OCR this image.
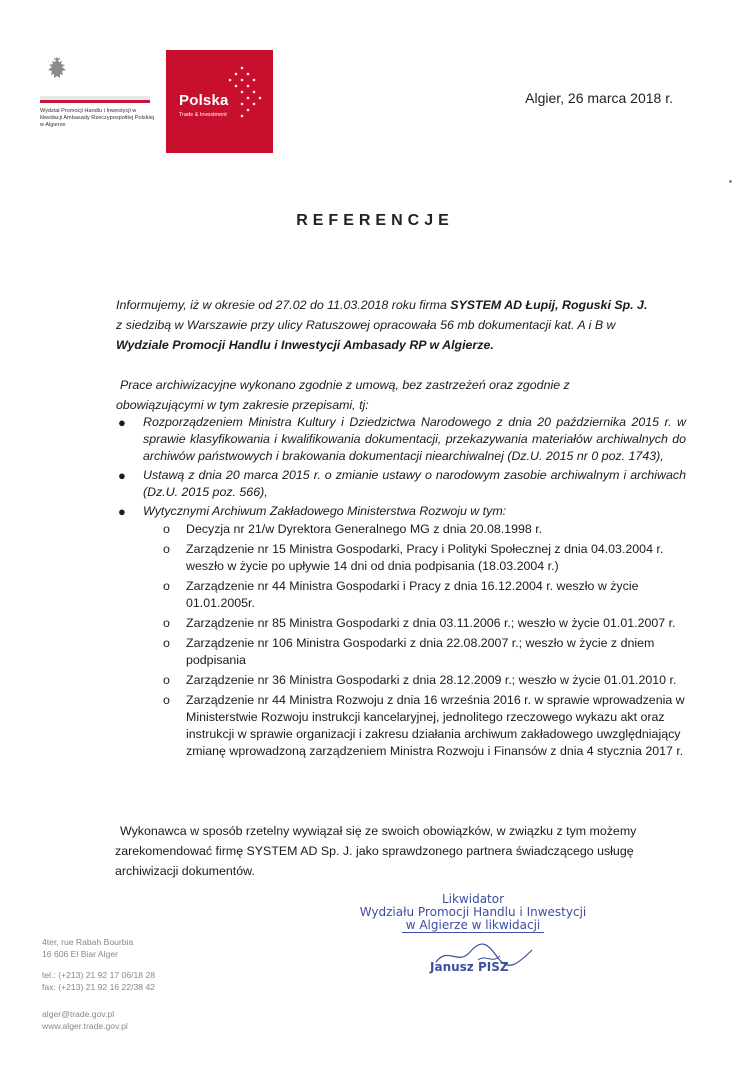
Wydział Promocji Handlu i Inwestycji w likwidacji Ambasady Rzeczypospolitej Polskiej w Algierze
Polska
Trade & Investment
Algier, 26 marca 2018 r.
REFERENCJE
Informujemy, iż w okresie od 27.02 do 11.03.2018 roku firma SYSTEM AD Łupij, Roguski Sp. J. z siedzibą w Warszawie przy ulicy Ratuszowej opracowała 56 mb dokumentacji kat. A i B w Wydziale Promocji Handlu i Inwestycji Ambasady RP w Algierze.
Prace archiwizacyjne wykonano zgodnie z umową, bez zastrzeżeń oraz zgodnie z obowiązującymi w tym zakresie przepisami, tj:
● Rozporządzeniem Ministra Kultury i Dziedzictwa Narodowego z dnia 20 października 2015 r. w sprawie klasyfikowania i kwalifikowania dokumentacji, przekazywania materiałów archiwalnych do archiwów państwowych i brakowania dokumentacji niearchiwalnej (Dz.U. 2015 nr 0 poz. 1743),
● Ustawą z dnia 20 marca 2015 r. o zmianie ustawy o narodowym zasobie archiwalnym i archiwach (Dz.U. 2015 poz. 566),
● Wytycznymi Archiwum Zakładowego Ministerstwa Rozwoju w tym:
o Decyzja nr 21/w Dyrektora Generalnego MG z dnia 20.08.1998 r.
o Zarządzenie nr 15 Ministra Gospodarki, Pracy i Polityki Społecznej z dnia 04.03.2004 r. weszło w życie po upływie 14 dni od dnia podpisania (18.03.2004 r.)
o Zarządzenie nr 44 Ministra Gospodarki i Pracy z dnia 16.12.2004 r. weszło w życie 01.01.2005r.
o Zarządzenie nr 85 Ministra Gospodarki z dnia 03.11.2006 r.; weszło w życie 01.01.2007 r.
o Zarządzenie nr 106 Ministra Gospodarki z dnia 22.08.2007 r.; weszło w życie z dniem podpisania
o Zarządzenie nr 36 Ministra Gospodarki z dnia 28.12.2009 r.; weszło w życie 01.01.2010 r.
o Zarządzenie nr 44 Ministra Rozwoju z dnia 16 września 2016 r. w sprawie wprowadzenia w Ministerstwie Rozwoju instrukcji kancelaryjnej, jednolitego rzeczowego wykazu akt oraz instrukcji w sprawie organizacji i zakresu działania archiwum zakładowego uwzględniający zmianę wprowadzoną zarządzeniem Ministra Rozwoju i Finansów z dnia 4 stycznia 2017 r.
Wykonawca w sposób rzetelny wywiązał się ze swoich obowiązków, w związku z tym możemy zarekomendować firmę SYSTEM AD Sp. J. jako sprawdzonego partnera świadczącego usługę archiwizacji dokumentów.
Likwidator
Wydziału Promocji Handlu i Inwestycji
w Algierze w likwidacji
Janusz PISZ
4ter, rue Rabah Bourbia
16 606 El Biar Alger
tel.: (+213) 21 92 17 06/18 28
fax: (+213) 21 92 16 22/38 42
alger@trade.gov.pl
www.alger.trade.gov.pl
